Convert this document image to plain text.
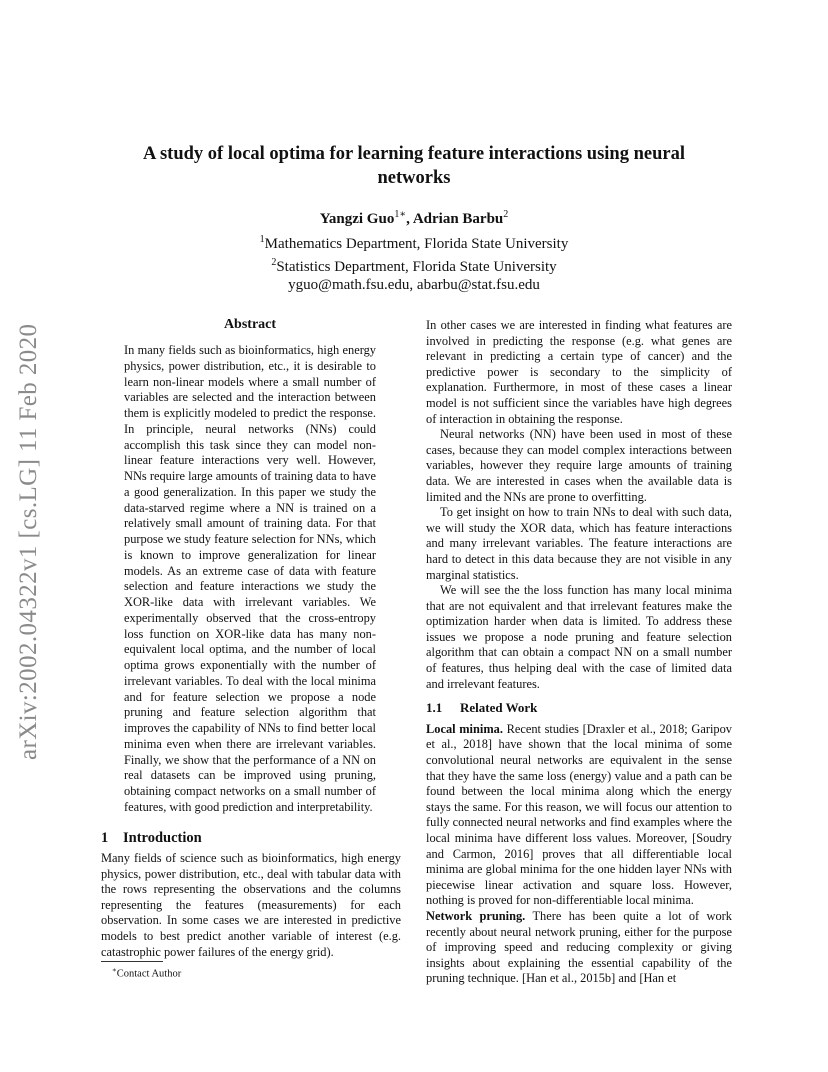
A study of local optima for learning feature interactions using neural networks
Yangzi Guo$^{1∗}$, Adrian Barbu$^2$
$^1$Mathematics Department, Florida State University
$^2$Statistics Department, Florida State University
yguo@math.fsu.edu, abarbu@stat.fsu.edu
arXiv:2002.04322v1 [cs.LG] 11 Feb 2020	Abstract
In many fields such as bioinformatics, high energy physics, power distribution, etc., it is desirable to learn non-linear models where a small number of variables are selected and the interaction between them is explicitly modeled to predict the response. In principle, neural networks (NNs) could accomplish this task since they can model non-linear feature interactions very well. However, NNs require large amounts of training data to have a good generalization. In this paper we study the data-starved regime where a NN is trained on a relatively small amount of training data. For that purpose we study feature selection for NNs, which is known to improve generalization for linear models. As an extreme case of data with feature selection and feature interactions we study the XOR-like data with irrelevant variables. We experimentally observed that the cross-entropy loss function on XOR-like data has many non-equivalent local optima, and the number of local optima grows exponentially with the number of irrelevant variables. To deal with the local minima and for feature selection we propose a node pruning and feature selection algorithm that improves the capability of NNs to find better local minima even when there are irrelevant variables. Finally, we show that the performance of a NN on real datasets can be improved using pruning, obtaining compact networks on a small number of features, with good prediction and interpretability.
1 Introduction
Many fields of science such as bioinformatics, high energy physics, power distribution, etc., deal with tabular data with the rows representing the observations and the columns representing the features (measurements) for each observation. In some cases we are interested in predictive models to best predict another variable of interest (e.g. catastrophic power failures of the energy grid).
∗Contact Author

In other cases we are interested in finding what features are involved in predicting the response (e.g. what genes are relevant in predicting a certain type of cancer) and the predictive power is secondary to the simplicity of explanation. Furthermore, in most of these cases a linear model is not sufficient since the variables have high degrees of interaction in obtaining the response.

Neural networks (NN) have been used in most of these cases, because they can model complex interactions between variables, however they require large amounts of training data. We are interested in cases when the available data is limited and the NNs are prone to overfitting.

To get insight on how to train NNs to deal with such data, we will study the XOR data, which has feature interactions and many irrelevant variables. The feature interactions are hard to detect in this data because they are not visible in any marginal statistics.

We will see the the loss function has many local minima that are not equivalent and that irrelevant features make the optimization harder when data is limited. To address these issues we propose a node pruning and feature selection algorithm that can obtain a compact NN on a small number of features, thus helping deal with the case of limited data and irrelevant features.

1.1 Related Work

Local minima. Recent studies [Draxler et al., 2018; Garipov et al., 2018] have shown that the local minima of some convolutional neural networks are equivalent in the sense that they have the same loss (energy) value and a path can be found between the local minima along which the energy stays the same. For this reason, we will focus our attention to fully connected neural networks and find examples where the local minima have different loss values. Moreover, [Soudry and Carmon, 2016] proves that all differentiable local minima are global minima for the one hidden layer NNs with piecewise linear activation and square loss. However, nothing is proved for non-differentiable local minima.

Network pruning. There has been quite a lot of work recently about neural network pruning, either for the purpose of improving speed and reducing complexity or giving insights about explaining the essential capability of the pruning technique. [Han et al., 2015b] and [Han et
